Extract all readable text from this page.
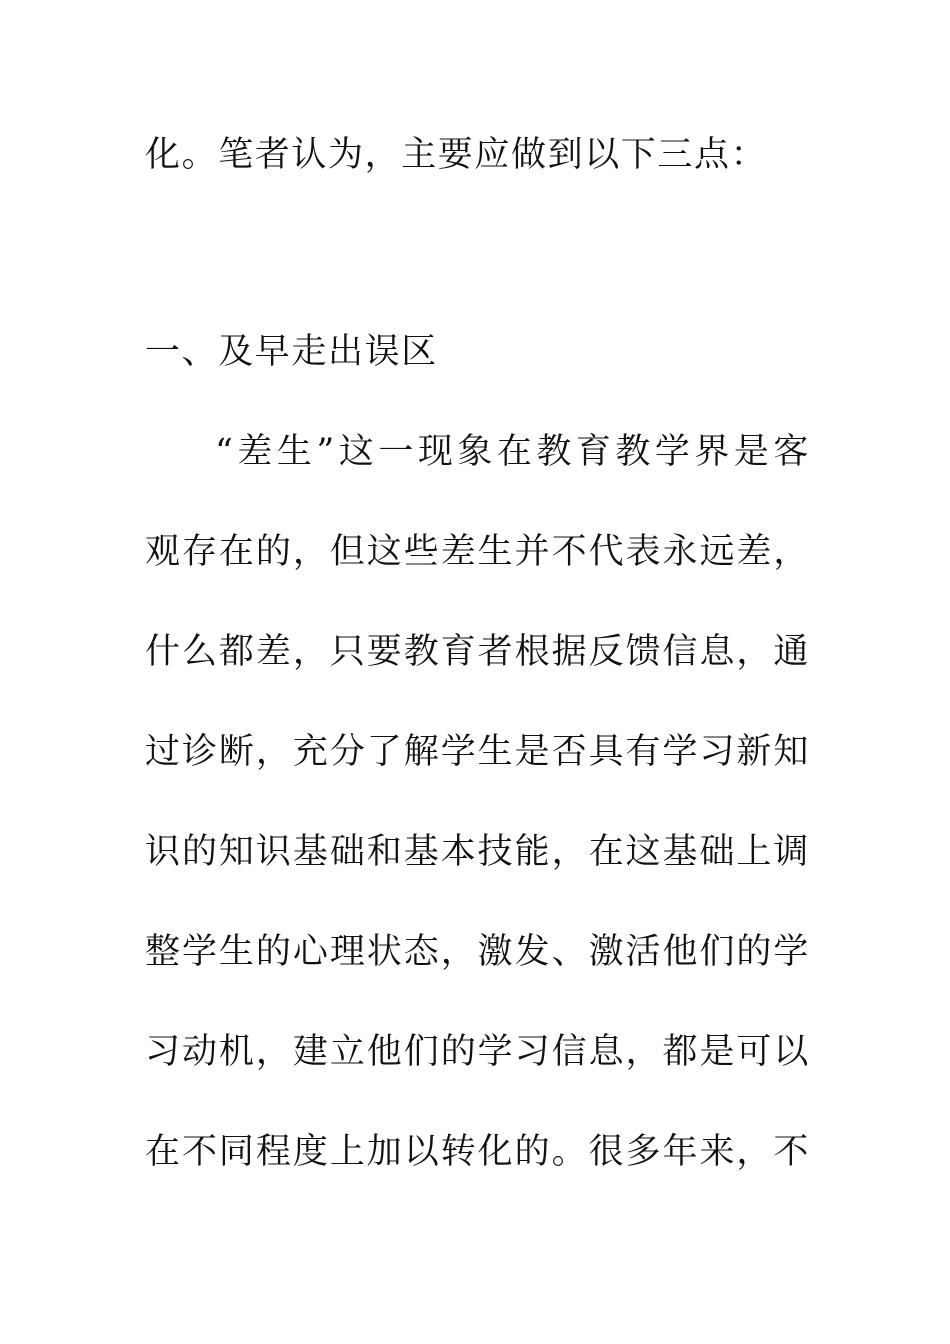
化。笔者认为，主要应做到以下三点：

一、及早走出误区

“差生”这一现象在教育教学界是客

观存在的，但这些差生并不代表永远差，

什么都差，只要教育者根据反馈信息，通

过诊断，充分了解学生是否具有学习新知

识的知识基础和基本技能，在这基础上调

整学生的心理状态，激发、激活他们的学

习动机，建立他们的学习信息，都是可以

在不同程度上加以转化的。很多年来，不
